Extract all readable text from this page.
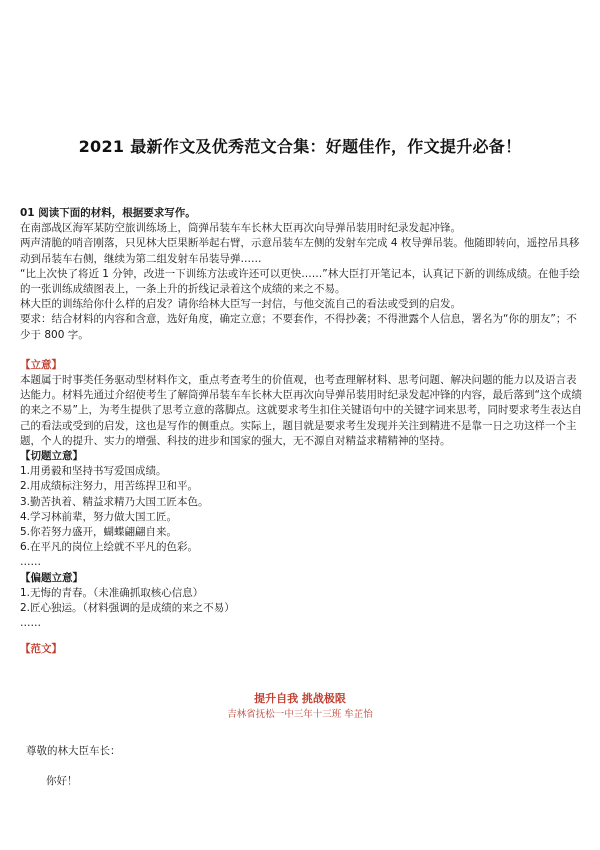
2021 最新作文及优秀范文合集：好题佳作，作文提升必备！

01 阅读下面的材料，根据要求写作。

在南部战区海军某防空旅训练场上，筒弹吊装车车长林大臣再次向导弹吊装用时纪录发起冲锋。

两声清脆的哨音刚落，只见林大臣果断举起右臂，示意吊装车左侧的发射车完成 4 枚导弹吊装。他随即转向，遥控吊具移动到吊装车右侧，继续为第二组发射车吊装导弹……

“比上次快了将近 1 分钟，改进一下训练方法或许还可以更快……”林大臣打开笔记本，认真记下新的训练成绩。在他手绘的一张训练成绩图表上，一条上升的折线记录着这个成绩的来之不易。

林大臣的训练给你什么样的启发？请你给林大臣写一封信，与他交流自己的看法或受到的启发。

要求：结合材料的内容和含意，选好角度，确定立意；不要套作，不得抄袭；不得泄露个人信息，署名为“你的朋友”；不少于 800 字。

【立意】

本题属于时事类任务驱动型材料作文，重点考查考生的价值观，也考查理解材料、思考问题、解决问题的能力以及语言表达能力。材料先通过介绍使考生了解筒弹吊装车车长林大臣再次向导弹吊装用时纪录发起冲锋的内容，最后落到“这个成绩的来之不易”上，为考生提供了思考立意的落脚点。这就要求考生扣住关键语句中的关键字词来思考，同时要求考生表达自己的看法或受到的启发，这也是写作的侧重点。实际上，题目就是要求考生发现并关注到精进不是靠一日之功这样一个主题，个人的提升、实力的增强、科技的进步和国家的强大，无不源自对精益求精精神的坚持。

【切题立意】

1.用勇毅和坚持书写爱国成绩。

2.用成绩标注努力，用苦练捍卫和平。

3.勤苦执着、精益求精乃大国工匠本色。

4.学习林前辈，努力做大国工匠。

5.你若努力盛开，蝴蝶翩翩自来。

6.在平凡的岗位上绘就不平凡的色彩。

……

【偏题立意】

1.无悔的青春。（未准确抓取核心信息）

2.匠心独运。（材料强调的是成绩的来之不易）

……

【范文】

提升自我 挑战极限
吉林省抚松一中三年十三班 牟芷怡
尊敬的林大臣车长：
你好！
